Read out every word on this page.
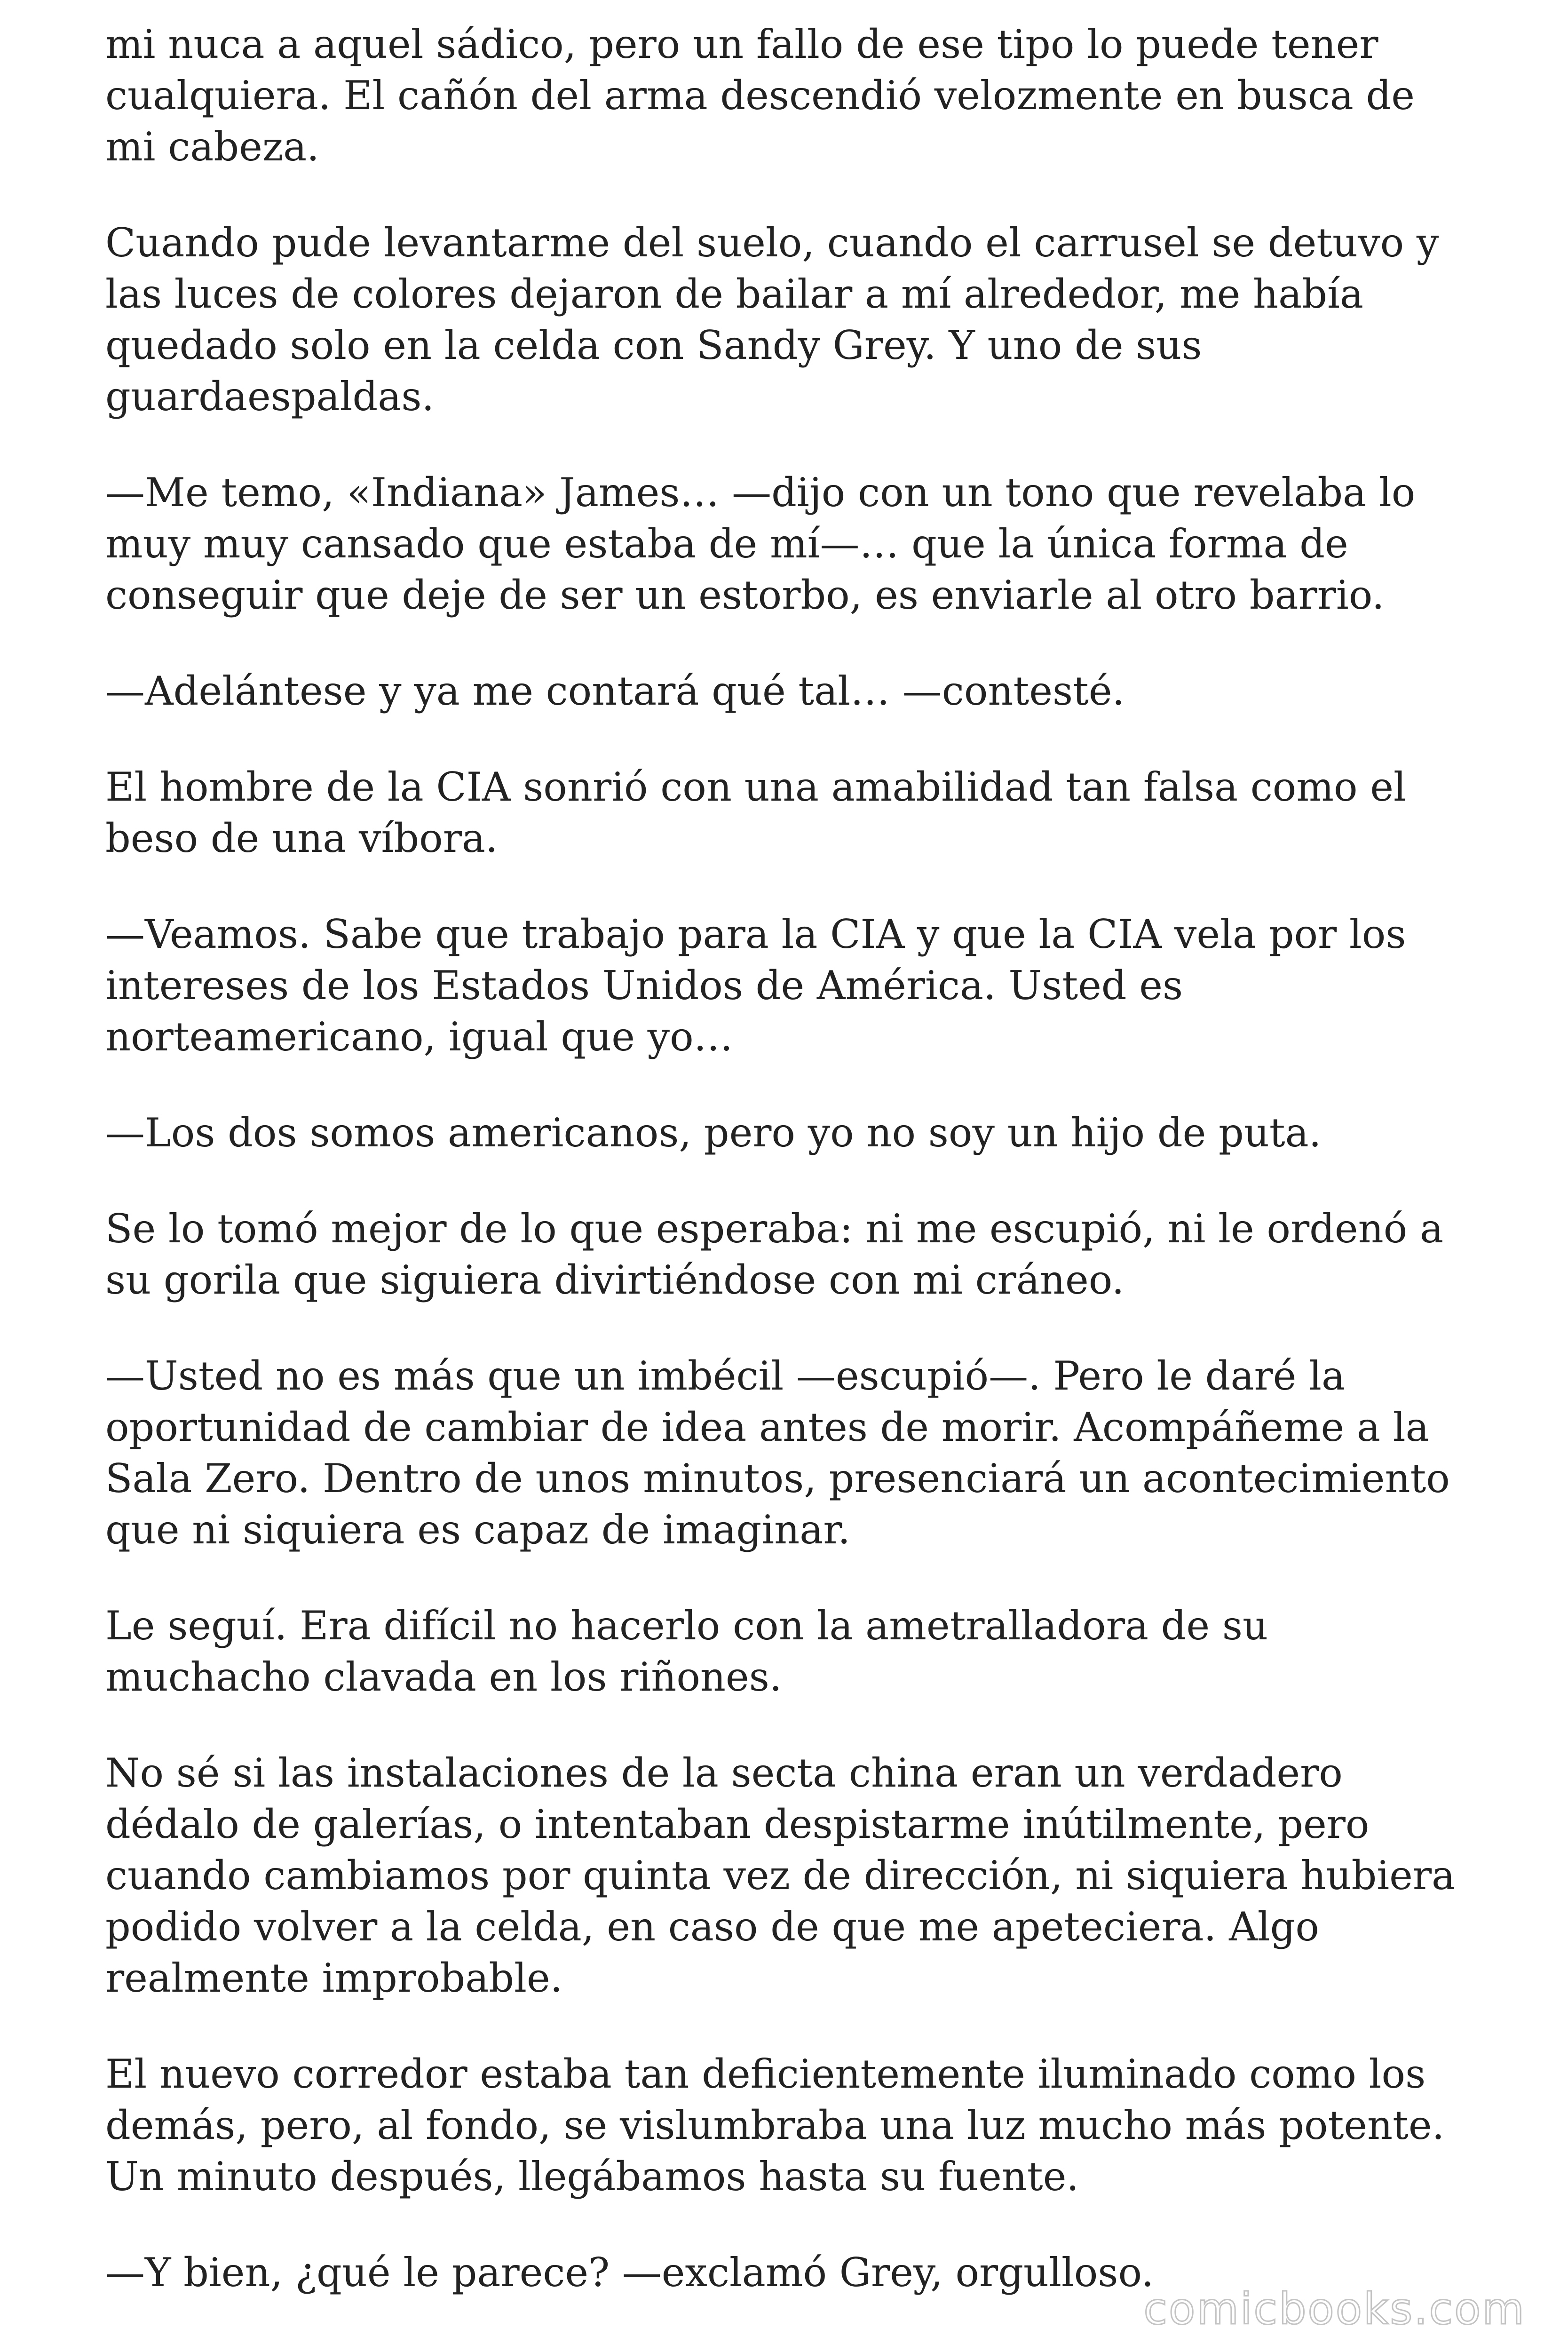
mi nuca a aquel sádico, pero un fallo de ese tipo lo puede tener cualquiera. El cañón del arma descendió velozmente en busca de mi cabeza.

Cuando pude levantarme del suelo, cuando el carrusel se detuvo y las luces de colores dejaron de bailar a mí alrededor, me había quedado solo en la celda con Sandy Grey. Y uno de sus guardaespaldas.

—Me temo, «Indiana» James… —dijo con un tono que revelaba lo muy muy cansado que estaba de mí—… que la única forma de conseguir que deje de ser un estorbo, es enviarle al otro barrio.

—Adelántese y ya me contará qué tal… —contesté.

El hombre de la CIA sonrió con una amabilidad tan falsa como el beso de una víbora.

—Veamos. Sabe que trabajo para la CIA y que la CIA vela por los intereses de los Estados Unidos de América. Usted es norteamericano, igual que yo…

—Los dos somos americanos, pero yo no soy un hijo de puta.

Se lo tomó mejor de lo que esperaba: ni me escupió, ni le ordenó a su gorila que siguiera divirtiéndose con mi cráneo.

—Usted no es más que un imbécil —escupió—. Pero le daré la oportunidad de cambiar de idea antes de morir. Acompáñeme a la Sala Zero. Dentro de unos minutos, presenciará un acontecimiento que ni siquiera es capaz de imaginar.

Le seguí. Era difícil no hacerlo con la ametralladora de su muchacho clavada en los riñones.

No sé si las instalaciones de la secta china eran un verdadero dédalo de galerías, o intentaban despistarme inútilmente, pero cuando cambiamos por quinta vez de dirección, ni siquiera hubiera podido volver a la celda, en caso de que me apeteciera. Algo realmente improbable.

El nuevo corredor estaba tan deficientemente iluminado como los demás, pero, al fondo, se vislumbraba una luz mucho más potente. Un minuto después, llegábamos hasta su fuente.

—Y bien, ¿qué le parece? —exclamó Grey, orgulloso.

comicbooks.com
